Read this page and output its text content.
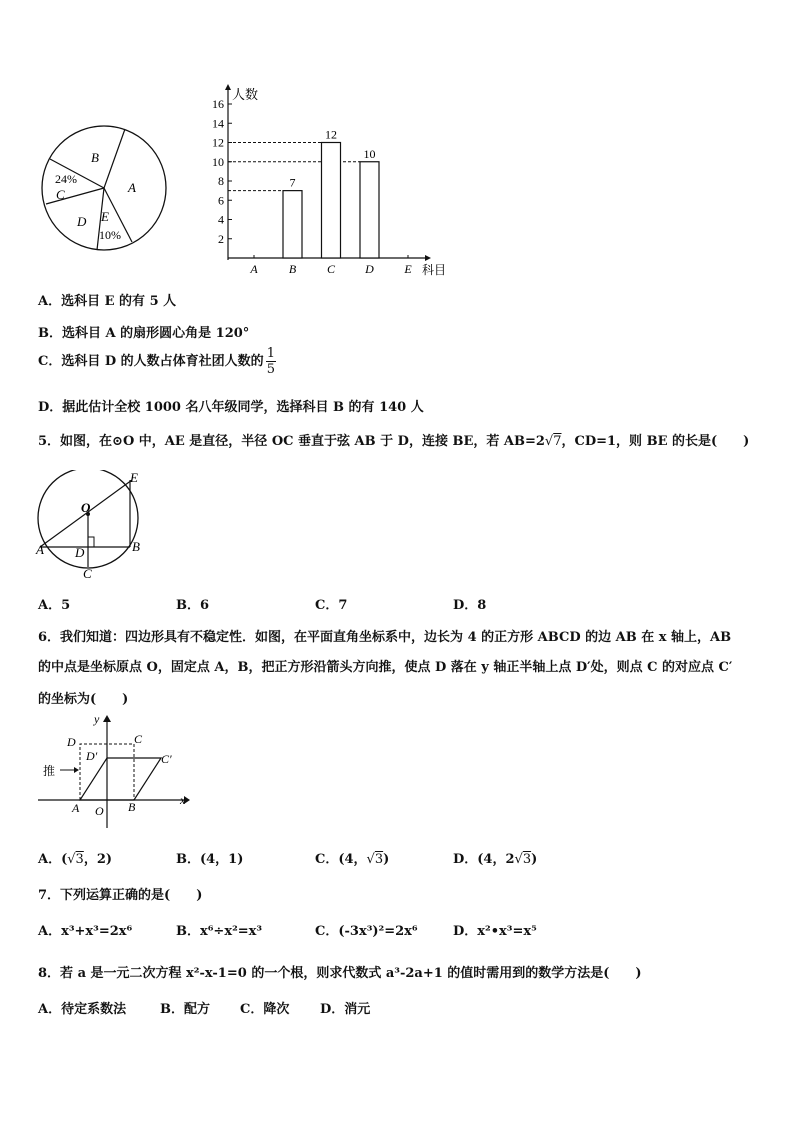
B
24%
C	A
D E
10%	2
4
6
8
10
12
14
16
A	B	C	D	E
人数
科目
7
12
10
A．选科目 E 的有 5 人
B．选科目 A 的扇形圆心角是 120°
C．选科目 D 的人数占体育社团人数的 $\frac{1}{5}$
D．据此估计全校 1000 名八年级同学，选择科目 B 的有 140 人
5．如图，在⊙O 中，AE 是直径，半径 OC 垂直于弦 AB 于 D，连接 BE，若 AB=2√7，CD=1，则 BE 的长是(　　)
E
O
A D	B
C
A．5	B．6	C．7	D．8
6．我们知道：四边形具有不稳定性．如图，在平面直角坐标系中，边长为 4 的正方形 ABCD 的边 AB 在 x 轴上，AB
的中点是坐标原点 O，固定点 A，B，把正方形沿箭头方向推，使点 D 落在 y 轴正半轴上点 D′处，则点 C 的对应点 C′
的坐标为(　　)
y
x
D	C
D′	C′
推
A O B
A．(√3，2)	B．(4，1)	C．(4，√3)	D．(4，2√3)
7．下列运算正确的是(　　)
A．x³+x³=2x⁶	B．x⁶÷x²=x³	C．(-3x³)²=2x⁶	D．x²•x³=x⁵
8．若 a 是一元二次方程 x²-x-1=0 的一个根，则求代数式 a³-2a+1 的值时需用到的数学方法是(　　)
A．待定系数法	B．配方 C．降次 D．消元
